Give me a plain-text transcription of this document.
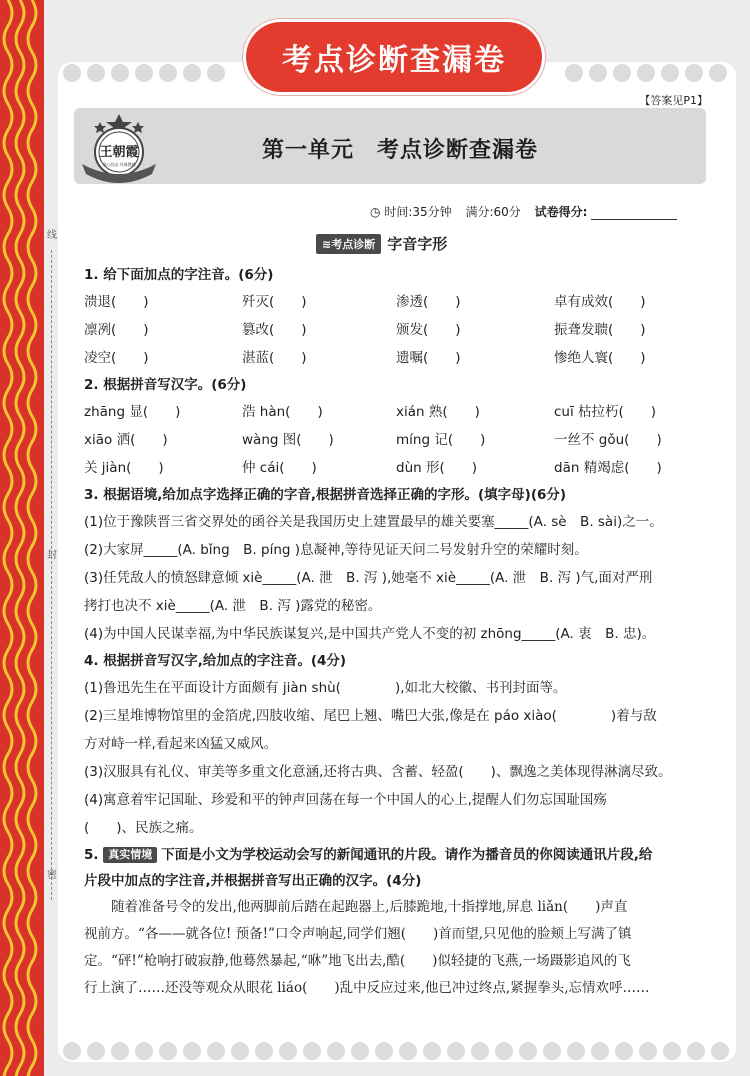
考点诊断查漏卷
【答案见P1】
王朝霞
周心的品 经典教辅
第一单元　考点诊断查漏卷
◷ 时间:35分钟 满分:60分 试卷得分:
≋考点诊断 字音字形
线
封
密
1. 给下面加点的字注音。(6分)
溃退(　　)	歼灭(　　)	渗透(　　)	卓有成效(　　)
凛冽(　　)	篡改(　　)	颁发(　　)	振聋发聩(　　)
凌空(　　)	湛蓝(　　)	遗嘱(　　)	惨绝人寰(　　)
2. 根据拼音写汉字。(6分)
zhāng 显(　　)	浩 hàn(　　)	xián 熟(　　)	cuī 枯拉朽(　　)
xiāo 洒(　　)	wàng 图(　　)	míng 记(　　)	一丝不 gǒu(　　)
关 jiàn(　　)	仲 cái(　　)	dùn 形(　　)	dān 精竭虑(　　)
3. 根据语境,给加点字选择正确的字音,根据拼音选择正确的字形。(填字母)(6分)
(1)位于豫陕晋三省交界处的函谷关是我国历史上建置最早的雄关要塞_____(A. sè　B. sài)之一。
(2)大家屏_____(A. bǐng　B. píng )息凝神,等待见证天问二号发射升空的荣耀时刻。
(3)任凭敌人的愤怒肆意倾 xiè_____(A. 泄　B. 泻 ),她毫不 xiè_____(A. 泄　B. 泻 )气,面对严刑
拷打也决不 xiè_____(A. 泄　B. 泻 )露党的秘密。
(4)为中国人民谋幸福,为中华民族谋复兴,是中国共产党人不变的初 zhōng_____(A. 衷　B. 忠)。
4. 根据拼音写汉字,给加点的字注音。(4分)
(1)鲁迅先生在平面设计方面颇有 jiàn shù(　　　　),如北大校徽、书刊封面等。
(2)三星堆博物馆里的金箔虎,四肢收缩、尾巴上翘、嘴巴大张,像是在 páo xiào(　　　　)着与敌
方对峙一样,看起来凶猛又威风。
(3)汉服具有礼仪、审美等多重文化意涵,还将古典、含蓄、轻盈(　　)、飘逸之美体现得淋漓尽致。
(4)寓意着牢记国耻、珍爱和平的钟声回荡在每一个中国人的心上,提醒人们勿忘国耻国殇
(　　)、民族之痛。
5. 真实情境 下面是小文为学校运动会写的新闻通讯的片段。请作为播音员的你阅读通讯片段,给
片段中加点的字注音,并根据拼音写出正确的汉字。(4分)
　　随着准备号令的发出,他两脚前后踏在起跑器上,后膝跪地,十指撑地,屏息 liǎn(　　)声直
视前方。“各——就各位! 预备!”口令声响起,同学们翘(　　)首而望,只见他的脸颊上写满了镇
定。“砰!”枪响打破寂静,他蓦然暴起,“咻”地飞出去,酷(　　)似轻捷的飞燕,一场蹑影追风的飞
行上演了……还没等观众从眼花 liáo(　　)乱中反应过来,他已冲过终点,紧握拳头,忘情欢呼……
